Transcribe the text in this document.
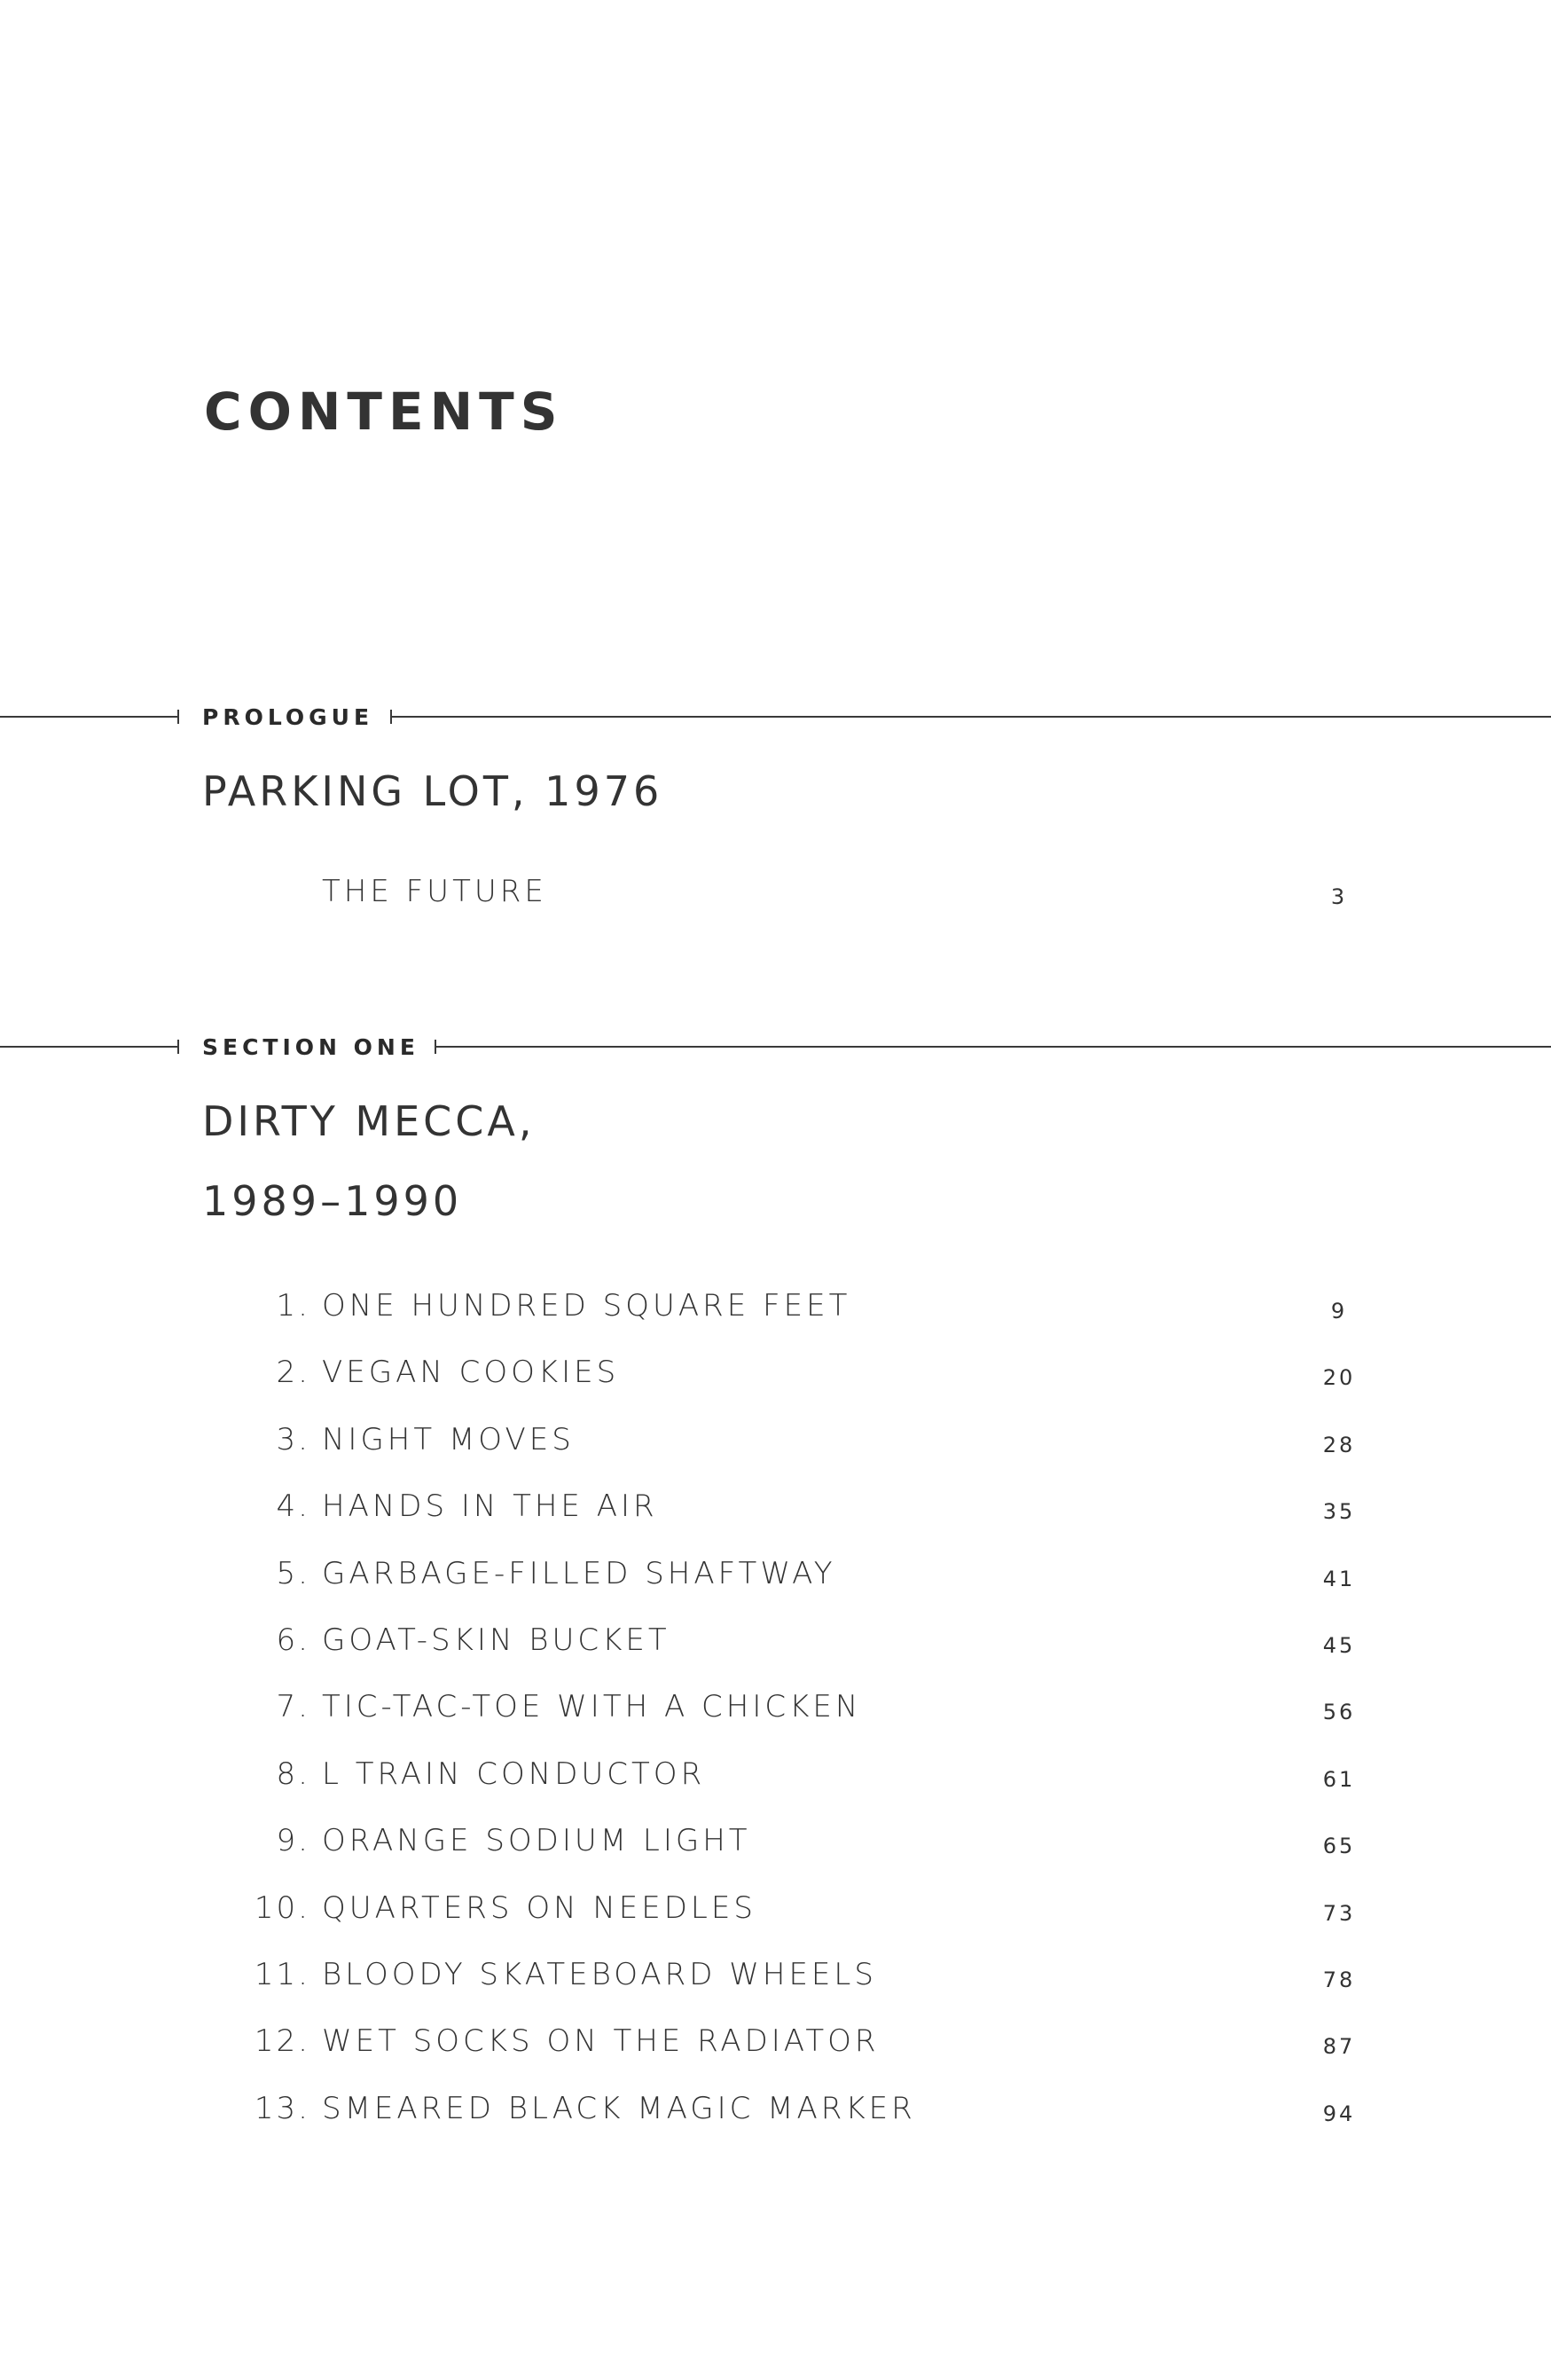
CONTENTS
PROLOGUE
PARKING LOT, 1976
THE FUTURE	3
SECTION ONE
DIRTY MECCA,
1989–1990
1. ONE HUNDRED SQUARE FEET	9
2. VEGAN COOKIES	20
3. NIGHT MOVES	28
4. HANDS IN THE AIR	35
5. GARBAGE-FILLED SHAFTWAY	41
6. GOAT-SKIN BUCKET	45
7. TIC-TAC-TOE WITH A CHICKEN	56
8. L TRAIN CONDUCTOR	61
9. ORANGE SODIUM LIGHT	65
10. QUARTERS ON NEEDLES	73
11. BLOODY SKATEBOARD WHEELS	78
12. WET SOCKS ON THE RADIATOR	87
13. SMEARED BLACK MAGIC MARKER	94
